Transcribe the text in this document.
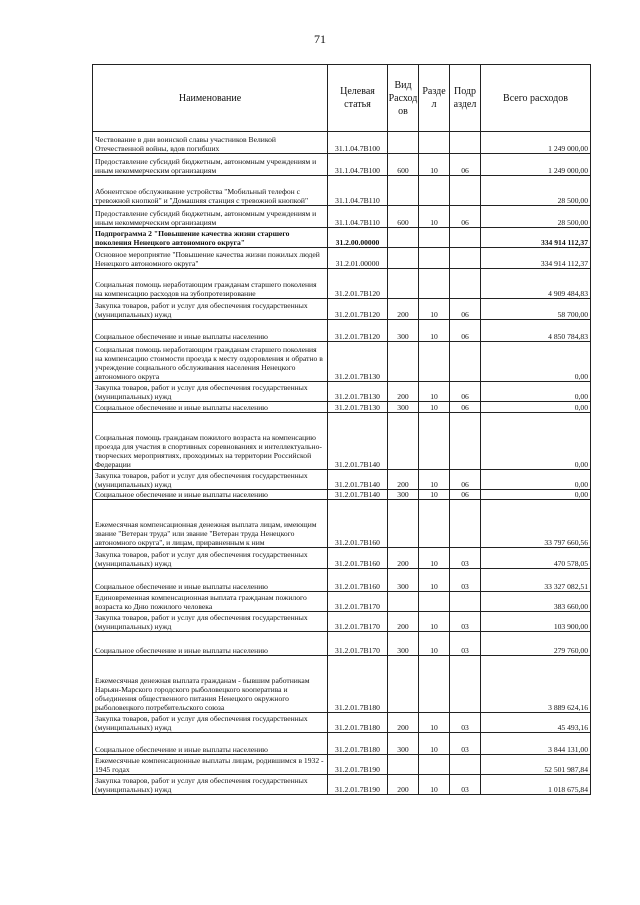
71
Наименование	Целевая статья	Вид Расход ов	Разде л	Подр аздел	Всего расходов
Чествование в дни воинской славы участников Великой Отечественной войны, вдов погибших	31.1.04.7В100				1 249 000,00
Предоставление субсидий бюджетным, автономным учреждениям и иным некоммерческим организациям	31.1.04.7В100	600	10	06	1 249 000,00
Абонентское обслуживание устройства "Мобильный телефон с тревожной кнопкой" и "Домашняя станция с тревожной кнопкой"	31.1.04.7В110				28 500,00
Предоставление субсидий бюджетным, автономным учреждениям и иным некоммерческим организациям	31.1.04.7В110	600	10	06	28 500,00
Подпрограмма 2 "Повышение качества жизни старшего поколения Ненецкого автономного округа"	31.2.00.00000				334 914 112,37
Основное мероприятие "Повышение качества жизни пожилых людей Ненецкого автономного округа"	31.2.01.00000				334 914 112,37
Социальная помощь неработающим гражданам старшего поколения на компенсацию расходов на зубопротезирование	31.2.01.7В120				4 909 484,83
Закупка товаров, работ и услуг для обеспечения государственных (муниципальных) нужд	31.2.01.7В120	200	10	06	58 700,00
Социальное обеспечение и иные выплаты населению	31.2.01.7В120	300	10	06	4 850 784,83
Социальная помощь неработающим гражданам старшего поколения на компенсацию стоимости проезда к месту оздоровления и обратно в учреждение социального обслуживания населения Ненецкого автономного округа	31.2.01.7В130				0,00
Закупка товаров, работ и услуг для обеспечения государственных (муниципальных) нужд	31.2.01.7В130	200	10	06	0,00
Социальное обеспечение и иные выплаты населению	31.2.01.7В130	300	10	06	0,00
Социальная помощь гражданам пожилого возраста на компенсацию проезда для участия в спортивных соревнованиях и интеллектуально-творческих мероприятиях, проходимых на территории Российской Федерации	31.2.01.7В140				0,00
Закупка товаров, работ и услуг для обеспечения государственных (муниципальных) нужд	31.2.01.7В140	200	10	06	0,00
Социальное обеспечение и иные выплаты населению	31.2.01.7В140	300	10	06	0,00
Ежемесячная компенсационная денежная выплата лицам, имеющим звание "Ветеран труда" или звание "Ветеран труда Ненецкого автономного округа", и лицам, приравненным к ним	31.2.01.7В160				33 797 660,56
Закупка товаров, работ и услуг для обеспечения государственных (муниципальных) нужд	31.2.01.7В160	200	10	03	470 578,05
Социальное обеспечение и иные выплаты населению	31.2.01.7В160	300	10	03	33 327 082,51
Единовременная компенсационная выплата гражданам пожилого возраста ко Дню пожилого человека	31.2.01.7В170				383 660,00
Закупка товаров, работ и услуг для обеспечения государственных (муниципальных) нужд	31.2.01.7В170	200	10	03	103 900,00
Социальное обеспечение и иные выплаты населению	31.2.01.7В170	300	10	03	279 760,00
Ежемесячная денежная выплата гражданам - бывшим работникам Нарьян-Марского городского рыболовецкого кооператива и объединения общественного питания Ненецкого окружного рыболовецкого потребительского союза	31.2.01.7В180				3 889 624,16
Закупка товаров, работ и услуг для обеспечения государственных (муниципальных) нужд	31.2.01.7В180	200	10	03	45 493,16
Социальное обеспечение и иные выплаты населению	31.2.01.7В180	300	10	03	3 844 131,00
Ежемесячные компенсационные выплаты лицам, родившимся в 1932 - 1945 годах	31.2.01.7В190				52 501 987,84
Закупка товаров, работ и услуг для обеспечения государственных (муниципальных) нужд	31.2.01.7В190	200	10	03	1 018 675,84
